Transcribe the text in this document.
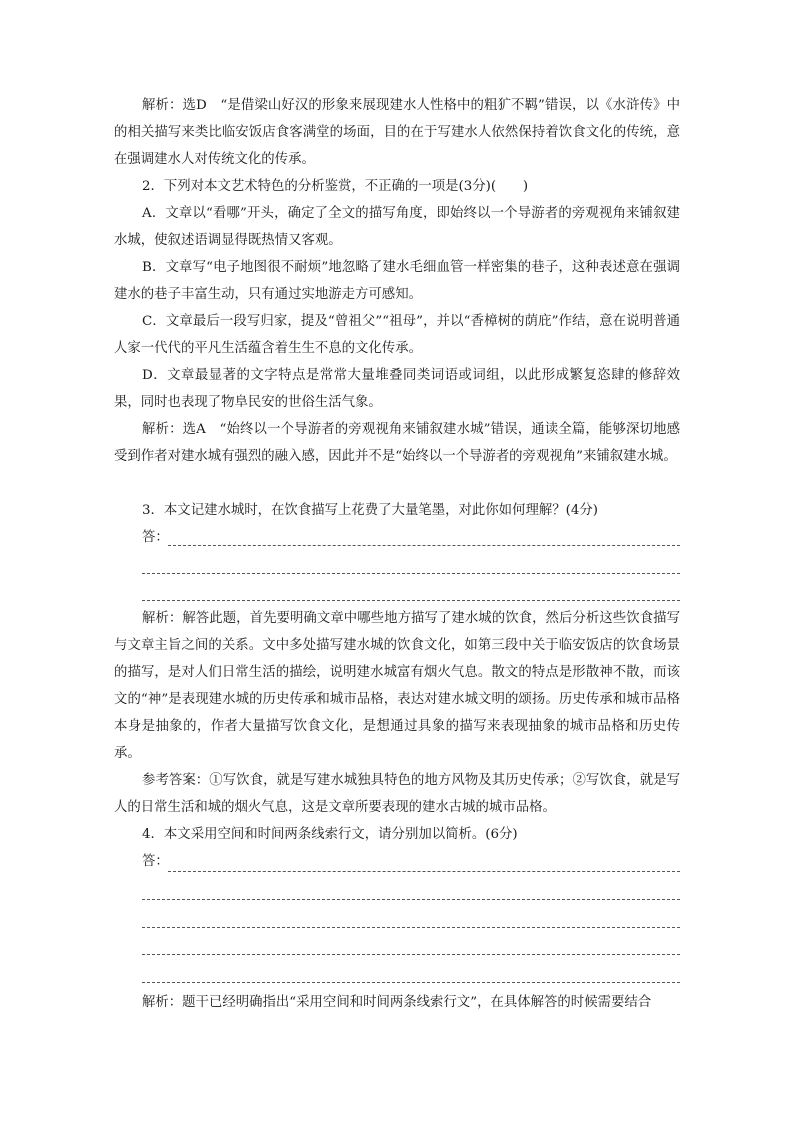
解析：选D　“是借梁山好汉的形象来展现建水人性格中的粗犷不羁”错误，以《水浒传》中的相关描写来类比临安饭店食客满堂的场面，目的在于写建水人依然保持着饮食文化的传统，意在强调建水人对传统文化的传承。

2．下列对本文艺术特色的分析鉴赏，不正确的一项是(3分)(　　)

A．文章以“看哪”开头，确定了全文的描写角度，即始终以一个导游者的旁观视角来铺叙建水城，使叙述语调显得既热情又客观。

B．文章写“电子地图很不耐烦”地忽略了建水毛细血管一样密集的巷子，这种表述意在强调建水的巷子丰富生动，只有通过实地游走方可感知。

C．文章最后一段写归家，提及“曾祖父”“祖母”，并以“香樟树的荫庇”作结，意在说明普通人家一代代的平凡生活蕴含着生生不息的文化传承。

D．文章最显著的文字特点是常常大量堆叠同类词语或词组，以此形成繁复恣肆的修辞效果，同时也表现了物阜民安的世俗生活气象。

解析：选A　“始终以一个导游者的旁观视角来铺叙建水城”错误，通读全篇，能够深切地感受到作者对建水城有强烈的融入感，因此并不是“始终以一个导游者的旁观视角”来铺叙建水城。

3．本文记建水城时，在饮食描写上花费了大量笔墨，对此你如何理解？(4分)

答：

解析：解答此题，首先要明确文章中哪些地方描写了建水城的饮食，然后分析这些饮食描写与文章主旨之间的关系。文中多处描写建水城的饮食文化，如第三段中关于临安饭店的饮食场景的描写，是对人们日常生活的描绘，说明建水城富有烟火气息。散文的特点是形散神不散，而该文的“神”是表现建水城的历史传承和城市品格，表达对建水城文明的颂扬。历史传承和城市品格本身是抽象的，作者大量描写饮食文化，是想通过具象的描写来表现抽象的城市品格和历史传承。

参考答案：①写饮食，就是写建水城独具特色的地方风物及其历史传承；②写饮食，就是写人的日常生活和城的烟火气息，这是文章所要表现的建水古城的城市品格。

4．本文采用空间和时间两条线索行文，请分别加以简析。(6分)

答：

解析：题干已经明确指出“采用空间和时间两条线索行文”，在具体解答的时候需要结合
